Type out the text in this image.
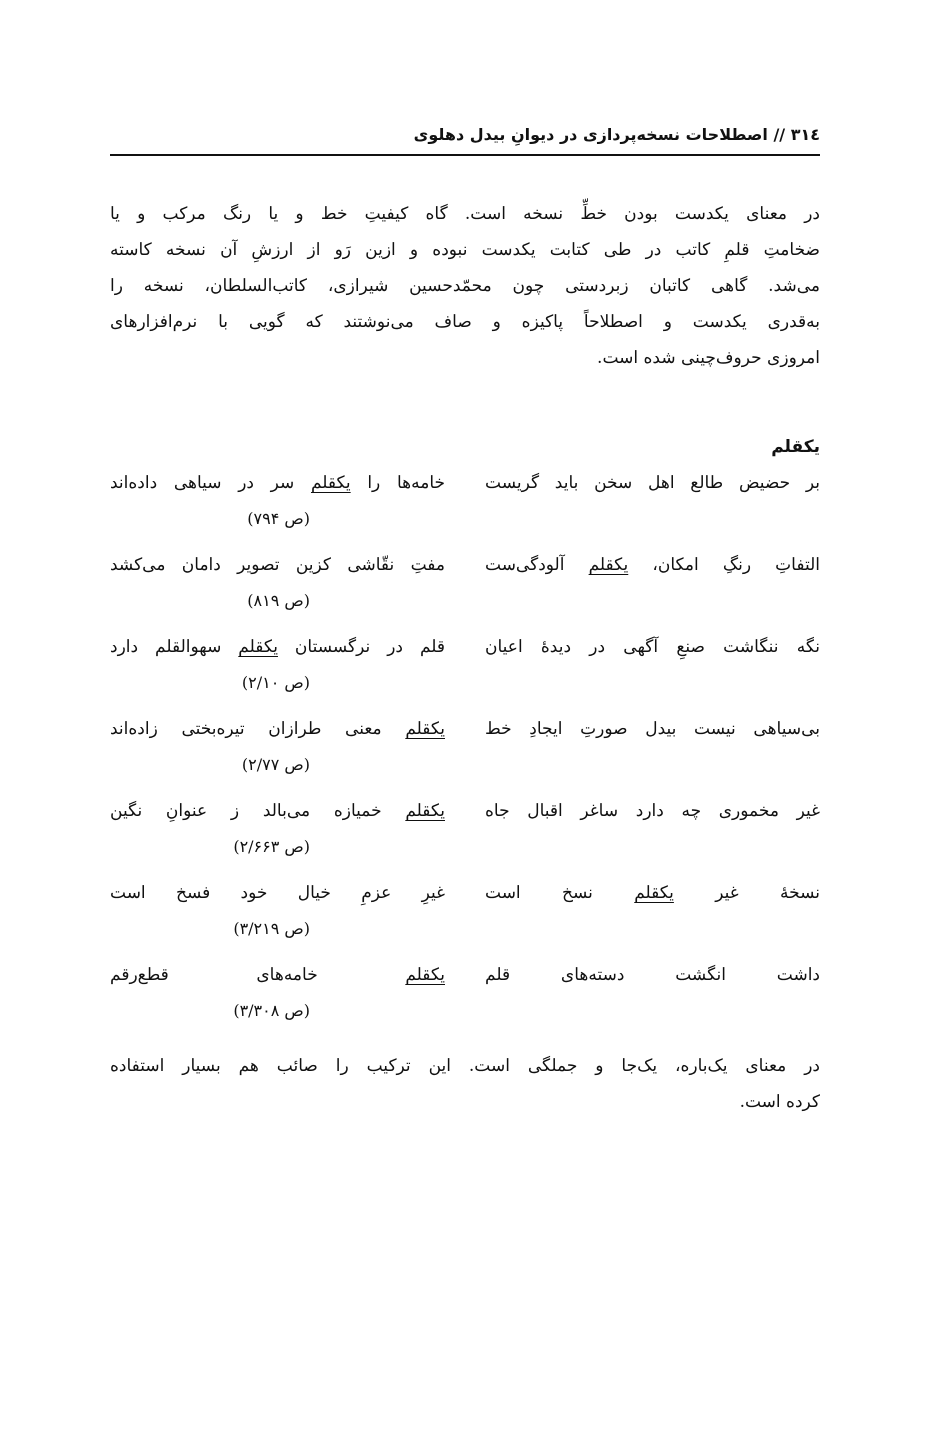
٣١٤ // اصطلاحات نسخه‌پردازی در دیوانِ بیدل دهلوی
در معنای یکدست بودن خطِّ نسخه است. گاه کیفیتِ خط و یا رنگ مرکب و یا
ضخامتِ قلمِ کاتب در طی کتابت یکدست نبوده و ازین رَو از ارزشِ آن نسخه کاسته
می‌شد. گاهی کاتبان زبردستی چون محمّدحسین شیرازی، کاتب‌السلطان، نسخه را
به‌قدری یکدست و اصطلاحاً پاکیزه و صاف می‌نوشتند که گویی با نرم‌افزارهای
امروزی حروف‌چینی شده است.
یکقلم
بر حضیض طالع اهل سخن باید گریست
خامه‌ها را یکقلم سر در سیاهی داده‌اند
(ص ٧٩۴)
التفاتِ رنگِ امکان، یکقلم آلودگی‌ست
مفتِ نقّاشی کزین تصویر دامان می‌کشد
(ص ٨١٩)
نگه ننگاشت صنعِ آگهی در دیدهٔ اعیان
قلم در نرگسستان یکقلم سهوالقلم دارد
(ص ٢/١٠)
بی‌سیاهی نیست بیدل صورتِ ایجادِ خط
یکقلم معنی طرازان تیره‌بختی زاده‌اند
(ص ٢/٧٧)
غیر مخموری چه دارد ساغر اقبال جاه
یکقلم خمیازه می‌بالد ز عنوانِ نگین
(ص ٢/۶۶٣)
نسخهٔ غیر یکقلم نسخ است
غیرِ عزمِ خیال خود فسخ است
(ص ٣/٢١٩)
داشت انگشت دسته‌های قلم
یکقلم خامه‌های قطع‌رقم
(ص ٣/٣٠٨)
در معنای یک‌باره، یک‌جا و جملگی است. این ترکیب را صائب هم بسیار استفاده
کرده است.
